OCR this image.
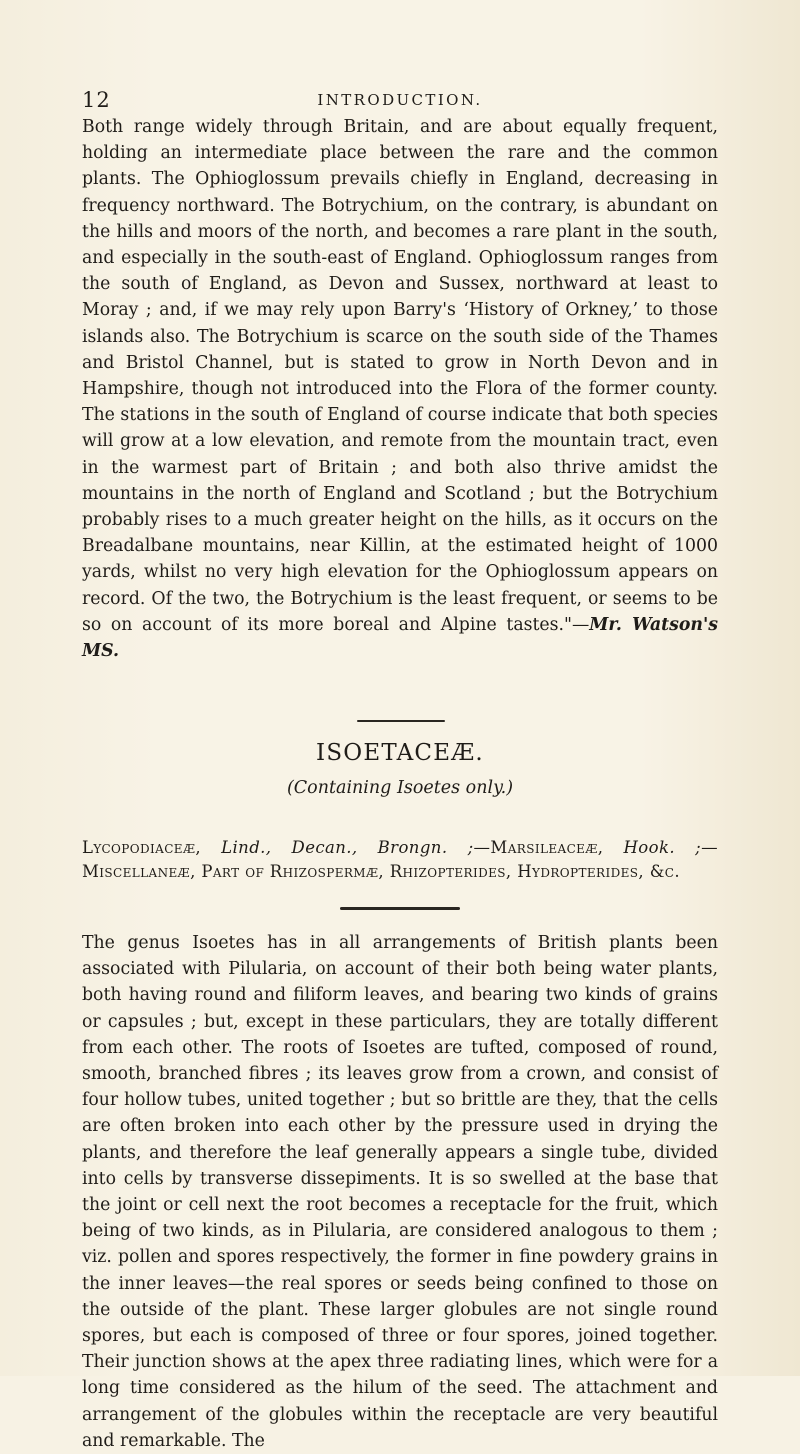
12	INTRODUCTION.

Both range widely through Britain, and are about equally frequent, holding an intermediate place between the rare and the common plants. The Ophioglossum prevails chiefly in England, decreasing in frequency northward. The Botrychium, on the contrary, is abundant on the hills and moors of the north, and becomes a rare plant in the south, and especially in the south-east of England. Ophioglossum ranges from the south of England, as Devon and Sussex, northward at least to Moray ; and, if we may rely upon Barry's ‘History of Orkney,’ to those islands also. The Botrychium is scarce on the south side of the Thames and Bristol Channel, but is stated to grow in North Devon and in Hampshire, though not introduced into the Flora of the former county. The stations in the south of England of course indicate that both species will grow at a low elevation, and remote from the mountain tract, even in the warmest part of Britain ; and both also thrive amidst the mountains in the north of England and Scotland ; but the Botrychium probably rises to a much greater height on the hills, as it occurs on the Breadalbane mountains, near Killin, at the estimated height of 1000 yards, whilst no very high elevation for the Ophioglossum appears on record. Of the two, the Botrychium is the least frequent, or seems to be so on account of its more boreal and Alpine tastes."—Mr. Watson's MS.

ISOETACEÆ.

(Containing Isoetes only.)

Lycopodiaceæ, Lind., Decan., Brongn. ;—Marsileaceæ, Hook. ;—Miscellaneæ, Part of Rhizospermæ, Rhizopterides, Hydropterides, &c.

The genus Isoetes has in all arrangements of British plants been associated with Pilularia, on account of their both being water plants, both having round and filiform leaves, and bearing two kinds of grains or capsules ; but, except in these particulars, they are totally different from each other. The roots of Isoetes are tufted, composed of round, smooth, branched fibres ; its leaves grow from a crown, and consist of four hollow tubes, united together ; but so brittle are they, that the cells are often broken into each other by the pressure used in drying the plants, and therefore the leaf generally appears a single tube, divided into cells by transverse dissepiments. It is so swelled at the base that the joint or cell next the root becomes a receptacle for the fruit, which being of two kinds, as in Pilularia, are considered analogous to them ; viz. pollen and spores respectively, the former in fine powdery grains in the inner leaves—the real spores or seeds being confined to those on the outside of the plant. These larger globules are not single round spores, but each is composed of three or four spores, joined together. Their junction shows at the apex three radiating lines, which were for a long time considered as the hilum of the seed. The attachment and arrangement of the globules within the receptacle are very beautiful and remarkable. The
